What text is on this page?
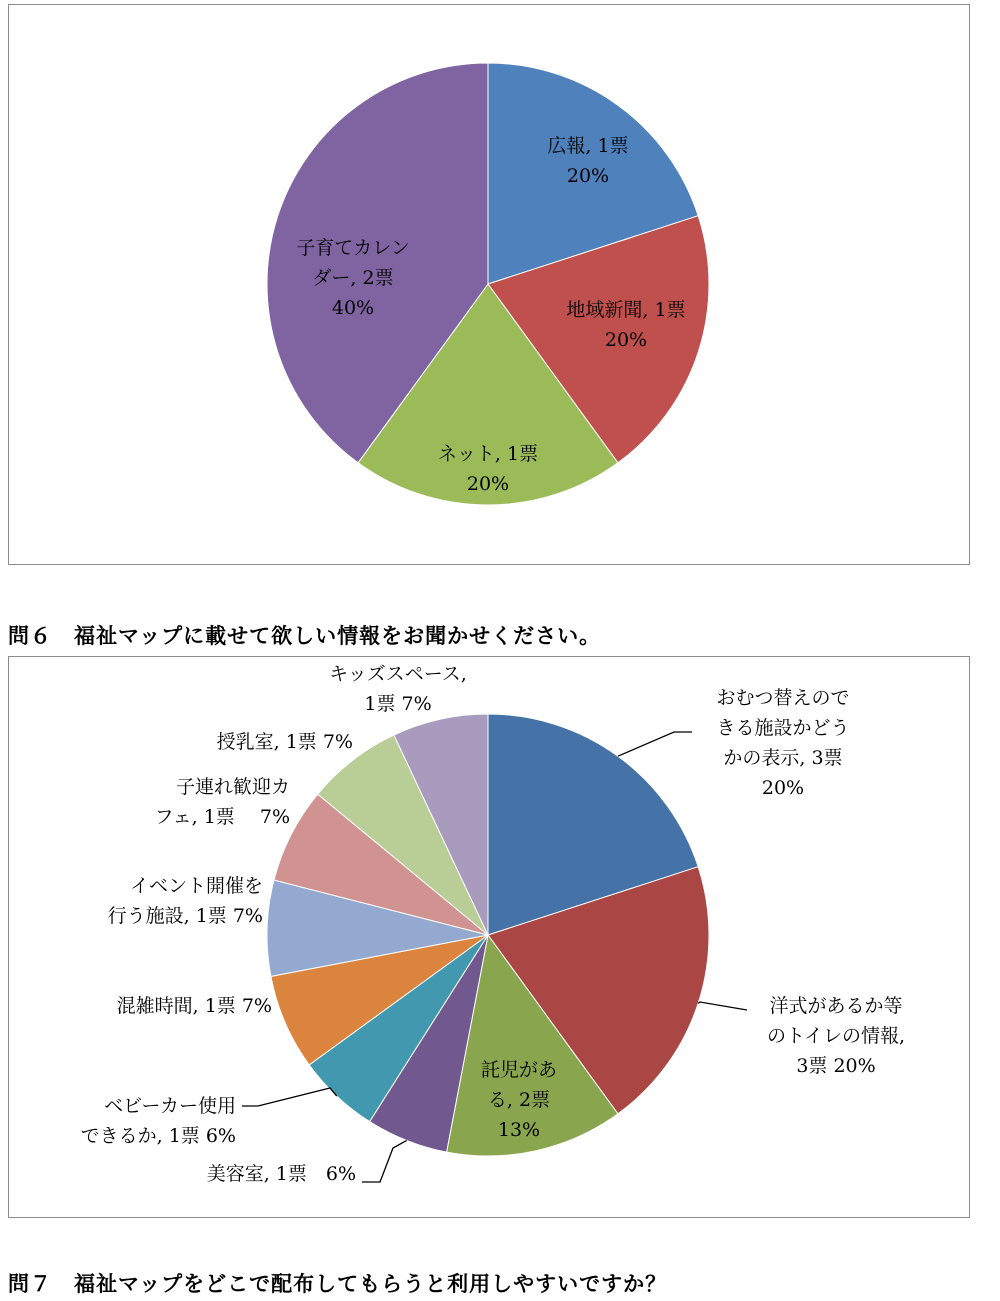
問６　福祉マップに載せて欲しい情報をお聞かせください。
問７　福祉マップをどこで配布してもらうと利用しやすいですか？
広報, 1票 20%
地域新聞, 1票 20%
ネット, 1票 20%
子育てカレンダー, 2票 40%
おむつ替えのできる施設かどうかの表示, 3票 20%
洋式があるか等のトイレの情報, 3票 20%
託児がある, 2票 13%
美容室, 1票　6%
ベビーカー使用できるか, 1票 6%
混雑時間, 1票 7%
イベント開催を行う施設, 1票 7%
子連れ歓迎カフェ, 1票　 7%
授乳室, 1票 7%
キッズスペース, 1票 7%
